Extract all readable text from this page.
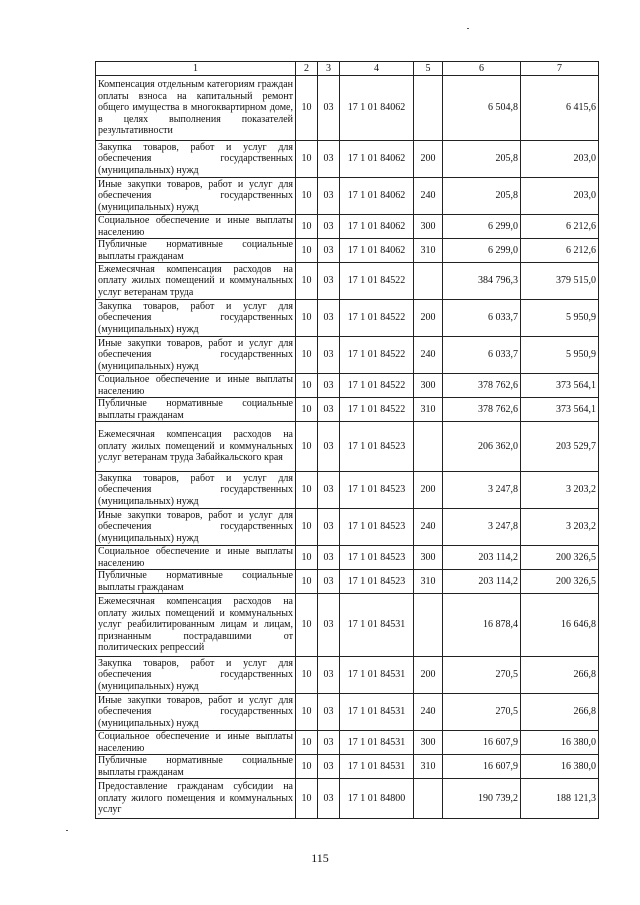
1	2	3	4	5	6	7
Компенсация отдельным категориям граждан оплаты взноса на капитальный ремонт общего имущества в многоквартирном доме, в целях выполнения показателей результативности	10	03	17 1 01 84062		6 504,8	6 415,6
Закупка товаров, работ и услуг для обеспечения государственных (муниципальных) нужд	10	03	17 1 01 84062	200	205,8	203,0
Иные закупки товаров, работ и услуг для обеспечения государственных (муниципальных) нужд	10	03	17 1 01 84062	240	205,8	203,0
Социальное обеспечение и иные выплаты населению	10	03	17 1 01 84062	300	6 299,0	6 212,6
Публичные нормативные социальные выплаты гражданам	10	03	17 1 01 84062	310	6 299,0	6 212,6
Ежемесячная компенсация расходов на оплату жилых помещений и коммунальных услуг ветеранам труда	10	03	17 1 01 84522		384 796,3	379 515,0
Закупка товаров, работ и услуг для обеспечения государственных (муниципальных) нужд	10	03	17 1 01 84522	200	6 033,7	5 950,9
Иные закупки товаров, работ и услуг для обеспечения государственных (муниципальных) нужд	10	03	17 1 01 84522	240	6 033,7	5 950,9
Социальное обеспечение и иные выплаты населению	10	03	17 1 01 84522	300	378 762,6	373 564,1
Публичные нормативные социальные выплаты гражданам	10	03	17 1 01 84522	310	378 762,6	373 564,1
Ежемесячная компенсация расходов на оплату жилых помещений и коммунальных услуг ветеранам труда Забайкальского края	10	03	17 1 01 84523		206 362,0	203 529,7
Закупка товаров, работ и услуг для обеспечения государственных (муниципальных) нужд	10	03	17 1 01 84523	200	3 247,8	3 203,2
Иные закупки товаров, работ и услуг для обеспечения государственных (муниципальных) нужд	10	03	17 1 01 84523	240	3 247,8	3 203,2
Социальное обеспечение и иные выплаты населению	10	03	17 1 01 84523	300	203 114,2	200 326,5
Публичные нормативные социальные выплаты гражданам	10	03	17 1 01 84523	310	203 114,2	200 326,5
Ежемесячная компенсация расходов на оплату жилых помещений и коммунальных услуг реабилитированным лицам и лицам, признанным пострадавшими от политических репрессий	10	03	17 1 01 84531		16 878,4	16 646,8
Закупка товаров, работ и услуг для обеспечения государственных (муниципальных) нужд	10	03	17 1 01 84531	200	270,5	266,8
Иные закупки товаров, работ и услуг для обеспечения государственных (муниципальных) нужд	10	03	17 1 01 84531	240	270,5	266,8
Социальное обеспечение и иные выплаты населению	10	03	17 1 01 84531	300	16 607,9	16 380,0
Публичные нормативные социальные выплаты гражданам	10	03	17 1 01 84531	310	16 607,9	16 380,0
Предоставление гражданам субсидии на оплату жилого помещения и коммунальных услуг	10	03	17 1 01 84800		190 739,2	188 121,3
115
